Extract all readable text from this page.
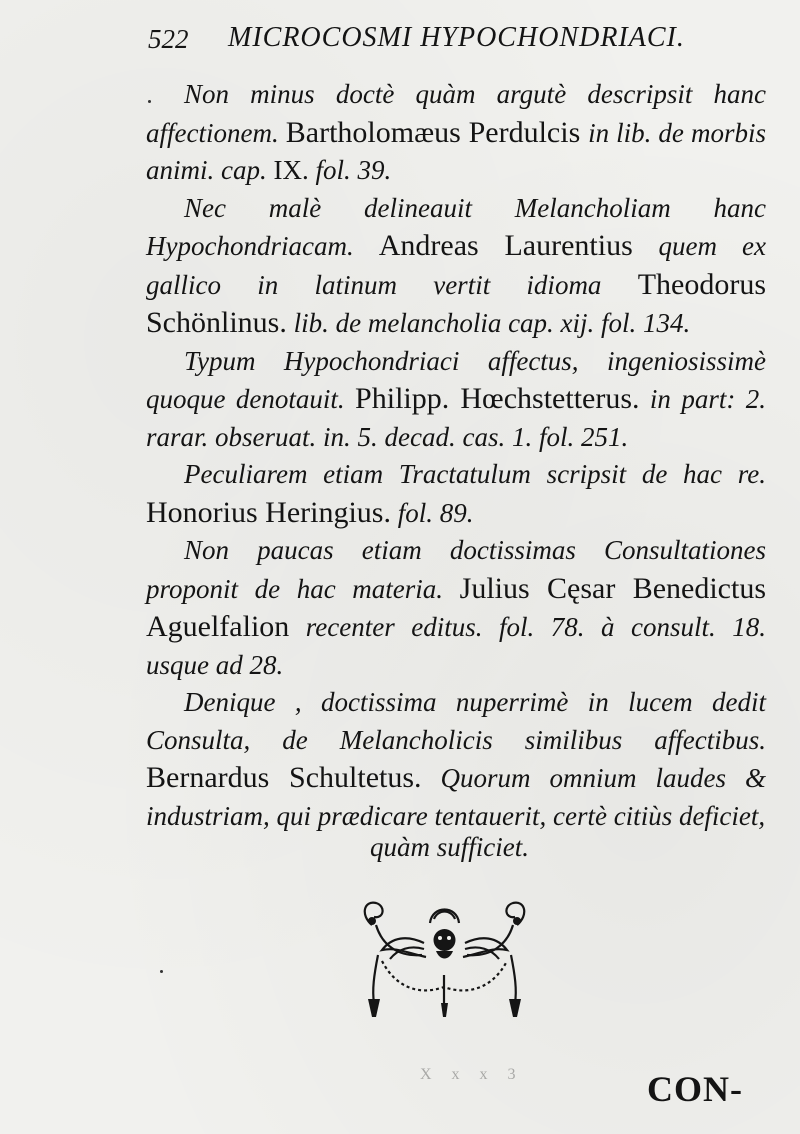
522 MICROCOSMI HYPOCHONDRIACI.

Non minus doctè quàm argutè descripsit hanc affectionem. Bartholomæus Perdulcis in lib. de morbis animi. cap. IX. fol. 39.

Nec malè delineauit Melancholiam hanc Hypochondriacam. Andreas Laurentius quem ex gallico in latinum vertit idioma Theodorus Schönlinus. lib. de melancholia cap. xij. fol. 134.

Typum Hypochondriaci affectus, ingeniosissimè quoque denotauit. Philipp. Hœchstetterus. in part: 2. rarar. obseruat. in. 5. decad. cas. 1. fol. 251.

Peculiarem etiam Tractatulum scripsit de hac re. Honorius Heringius. fol. 89.

Non paucas etiam doctissimas Consultationes proponit de hac materia. Julius Cęsar Benedictus Aguelfalion recenter editus. fol. 78. à consult. 18. usque ad 28.

Denique , doctissima nuperrimè in lucem dedit Consulta, de Melancholicis similibus affectibus. Bernardus Schultetus. Quorum omnium laudes & industriam, qui prædicare tentauerit, certè citiùs deficiet,

quàm sufficiet.
X x x 3	CON-
